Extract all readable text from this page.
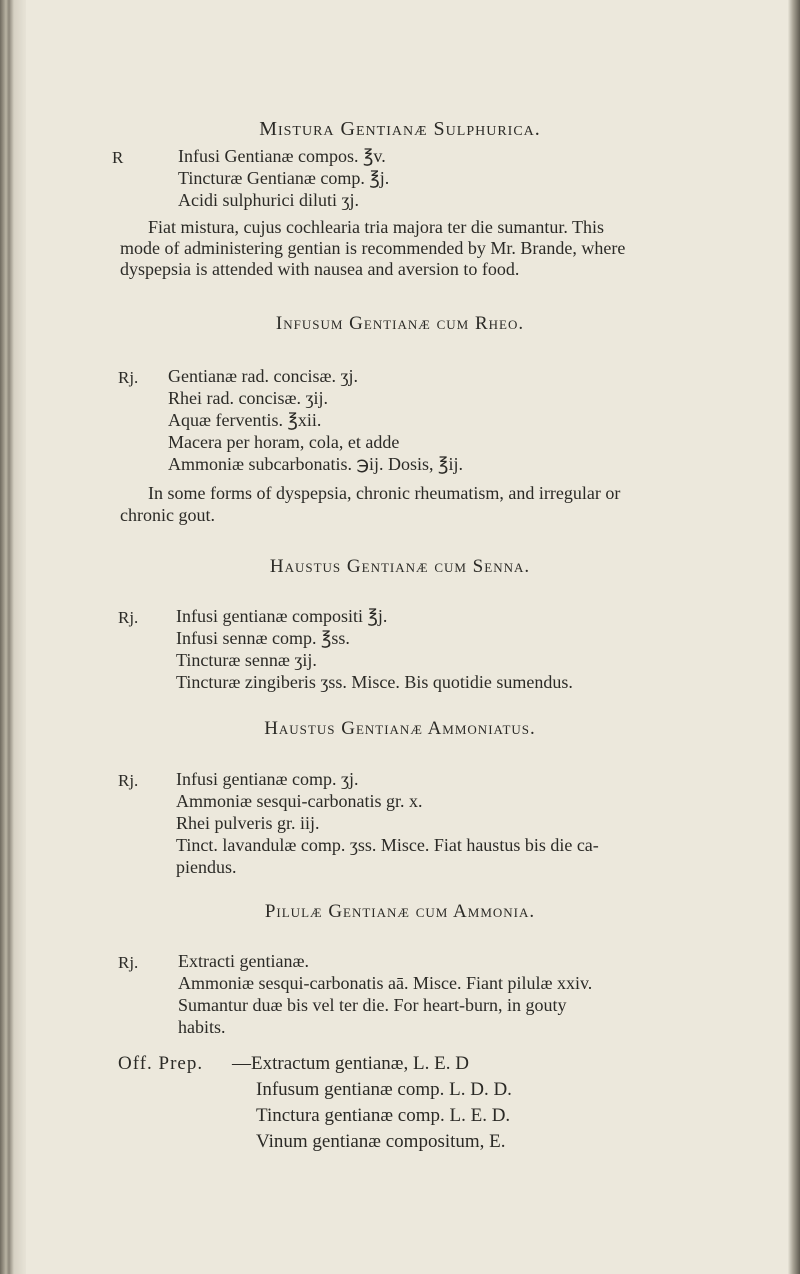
Mistura Gentianæ Sulphurica.
R	Infusi Gentianæ compos. ℥v.
Tincturæ Gentianæ comp. ℥j.
Acidi sulphurici diluti ʒj.
Fiat mistura, cujus cochlearia tria majora ter die sumantur. This
mode of administering gentian is recommended by Mr. Brande, where
dyspepsia is attended with nausea and aversion to food.
Infusum Gentianæ cum Rheo.
Rj. Gentianæ rad. concisæ. ʒj.
Rhei rad. concisæ. ʒij.
Aquæ ferventis. ℥xii.
Macera per horam, cola, et adde
Ammoniæ subcarbonatis. ℈ij. Dosis, ℥ij.
In some forms of dyspepsia, chronic rheumatism, and irregular or
chronic gout.
Haustus Gentianæ cum Senna.
Rj. Infusi gentianæ compositi ℥j.
Infusi sennæ comp. ℥ss.
Tincturæ sennæ ʒij.
Tincturæ zingiberis ʒss. Misce. Bis quotidie sumendus.
Haustus Gentianæ Ammoniatus.
Rj. Infusi gentianæ comp. ʒj.
Ammoniæ sesqui-carbonatis gr. x.
Rhei pulveris gr. iij.
Tinct. lavandulæ comp. ʒss. Misce. Fiat haustus bis die ca-
piendus.
Pilulæ Gentianæ cum Ammonia.
Rj. Extracti gentianæ.
Ammoniæ sesqui-carbonatis aā. Misce. Fiant pilulæ xxiv.
Sumantur duæ bis vel ter die. For heart-burn, in gouty
habits.
Off. Prep. —Extractum gentianæ, L. E. D
Infusum gentianæ comp. L. D. D.
Tinctura gentianæ comp. L. E. D.
Vinum gentianæ compositum, E.
